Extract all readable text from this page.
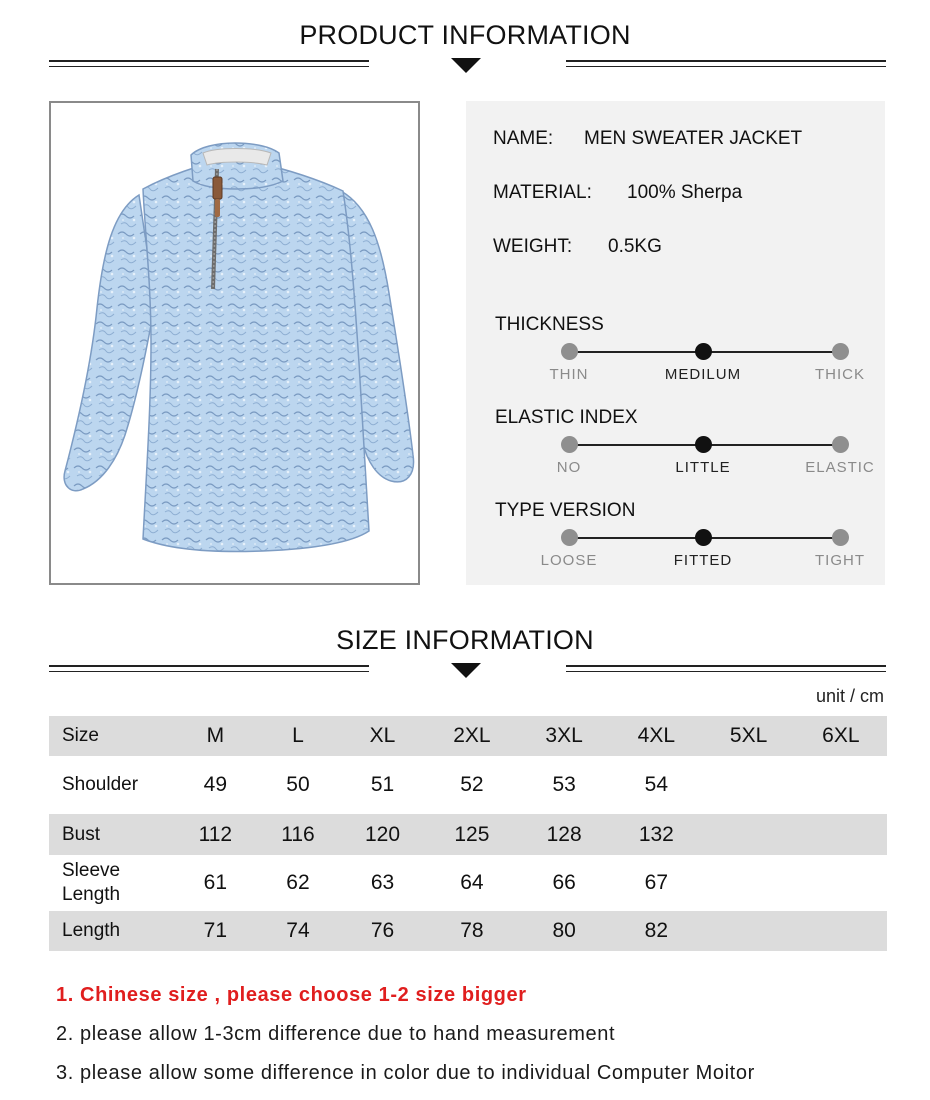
PRODUCT INFORMATION
NAME: MEN SWEATER JACKET
MATERIAL: 100% Sherpa
WEIGHT: 0.5KG
THICKNESS
THIN	MEDILUM	THICK
ELASTIC INDEX
NO	LITTLE	ELASTIC
TYPE VERSION
LOOSE	FITTED	TIGHT
SIZE INFORMATION
unit / cm
Size	M	L	XL	2XL	3XL	4XL	5XL	6XL
Shoulder	49	50	51	52	53	54		
Bust	112	116	120	125	128	132		
Sleeve Length	61	62	63	64	66	67		
Length	71	74	76	78	80	82		
1. Chinese size , please choose 1-2 size bigger
2. please allow 1-3cm difference due to hand measurement
3. please allow some difference in color due to individual Computer Moitor
